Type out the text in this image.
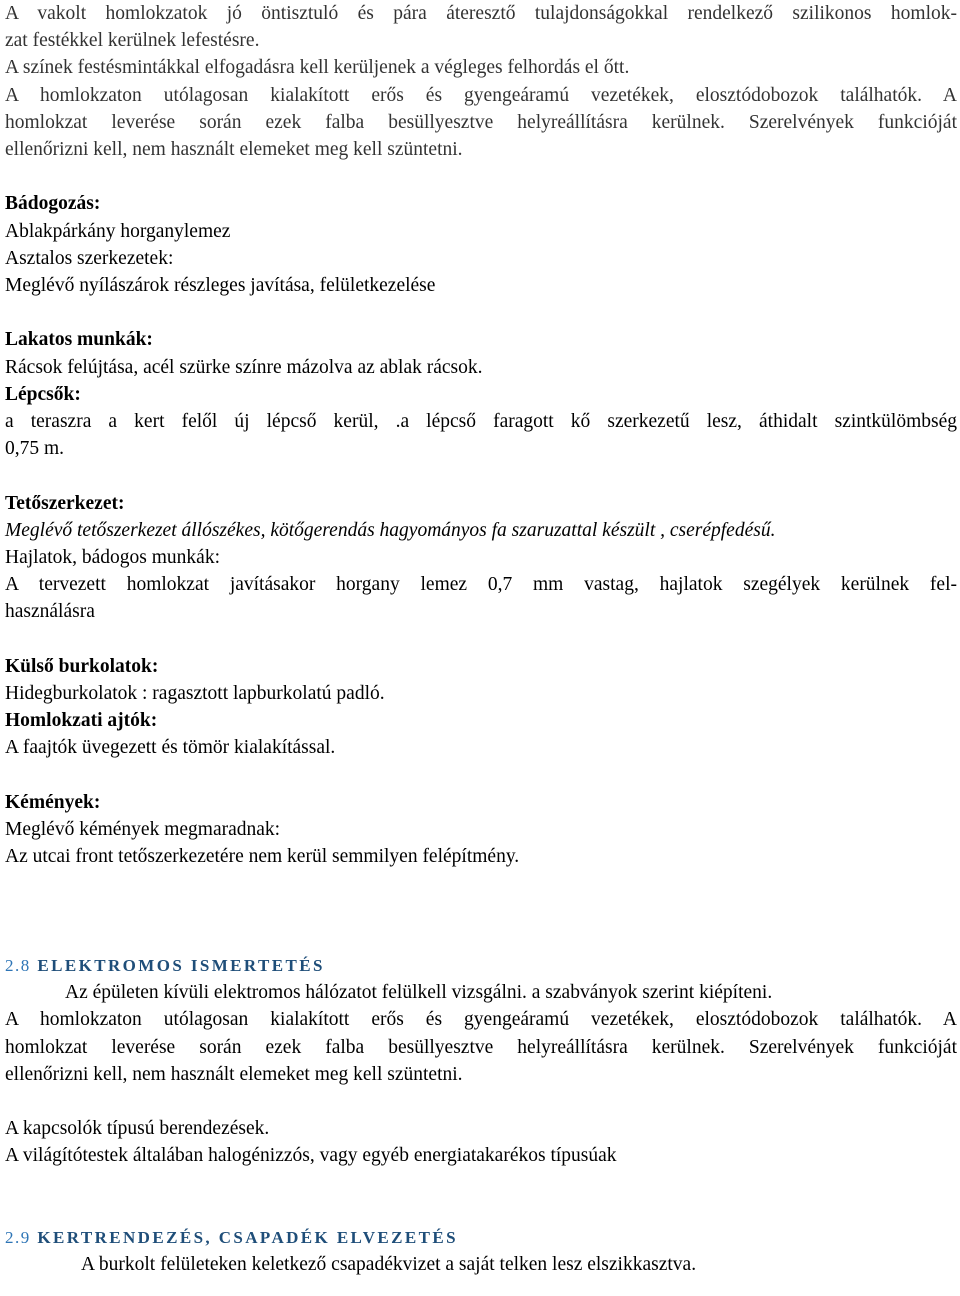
A vakolt homlokzatok jó öntisztuló és pára áteresztő tulajdonságokkal rendelkező szilikonos homlok-
zat festékkel kerülnek lefestésre.
A színek festésmintákkal elfogadásra kell kerüljenek a végleges felhordás el őtt.
A homlokzaton utólagosan kialakított erős és gyengeáramú vezetékek, elosztódobozok találhatók. A
homlokzat leverése során ezek falba besüllyesztve helyreállításra kerülnek. Szerelvények funkcióját
ellenőrizni kell, nem használt elemeket meg kell szüntetni.

Bádogozás:

Ablakpárkány horganylemez

Asztalos szerkezetek:

Meglévő nyílászárok részleges javítása, felületkezelése

Lakatos munkák:

Rácsok felújtása, acél szürke színre mázolva az ablak rácsok.

Lépcsők:

a teraszra a kert felől új lépcső kerül, .a lépcső faragott kő szerkezetű lesz, áthidalt szintkülömbség
0,75 m.

Tetőszerkezet:

Meglévő tetőszerkezet állószékes, kötőgerendás hagyományos fa szaruzattal készült , cserépfedésű.

Hajlatok, bádogos munkák:

A tervezett homlokzat javításakor horgany lemez 0,7 mm vastag, hajlatok szegélyek kerülnek fel-
használásra

Külső burkolatok:

Hidegburkolatok : ragasztott lapburkolatú padló.

Homlokzati ajtók:

A faajtók üvegezett és tömör kialakítással.

Kémények:

Meglévő kémények megmaradnak:

Az utcai front tetőszerkezetére nem kerül semmilyen felépítmény.

2.8 ELEKTROMOS ISMERTETÉS

Az épületen kívüli elektromos hálózatot felülkell vizsgálni. a szabványok szerint kiépíteni.

A homlokzaton utólagosan kialakított erős és gyengeáramú vezetékek, elosztódobozok találhatók. A
homlokzat leverése során ezek falba besüllyesztve helyreállításra kerülnek. Szerelvények funkcióját
ellenőrizni kell, nem használt elemeket meg kell szüntetni.

A kapcsolók típusú berendezések.

A világítótestek általában halogénizzós, vagy egyéb energiatakarékos típusúak

2.9 KERTRENDEZÉS, CSAPADÉK ELVEZETÉS

A burkolt felületeken keletkező csapadékvizet a saját telken lesz elszikkasztva.
